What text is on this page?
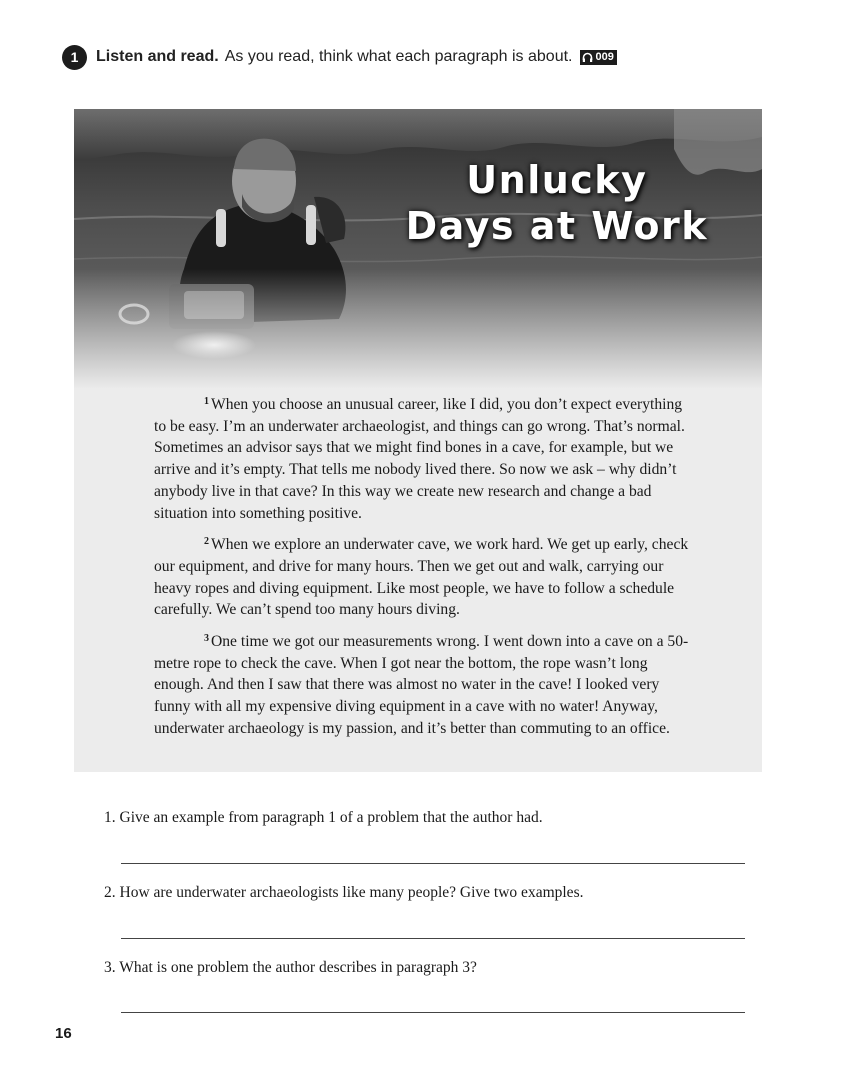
1	Listen and read. As you read, think what each paragraph is about. 009
Unlucky
Days at Work

$^1$ When you choose an unusual career, like I did, you don’t expect everything to be easy. I’m an underwater archaeologist, and things can go wrong. That’s normal. Sometimes an advisor says that we might find bones in a cave, for example, but we arrive and it’s empty. That tells me nobody lived there. So now we ask – why didn’t anybody live in that cave? In this way we create new research and change a bad situation into something positive.

$^2$ When we explore an underwater cave, we work hard. We get up early, check our equipment, and drive for many hours. Then we get out and walk, carrying our heavy ropes and diving equipment. Like most people, we have to follow a schedule carefully. We can’t spend too many hours diving.

$^3$ One time we got our measurements wrong. I went down into a cave on a 50-metre rope to check the cave. When I got near the bottom, the rope wasn’t long enough. And then I saw that there was almost no water in the cave! I looked very funny with all my expensive diving equipment in a cave with no water! Anyway, underwater archaeology is my passion, and it’s better than commuting to an office.

1. Give an example from paragraph 1 of a problem that the author had.
2. How are underwater archaeologists like many people? Give two examples.
3. What is one problem the author describes in paragraph 3?
16
